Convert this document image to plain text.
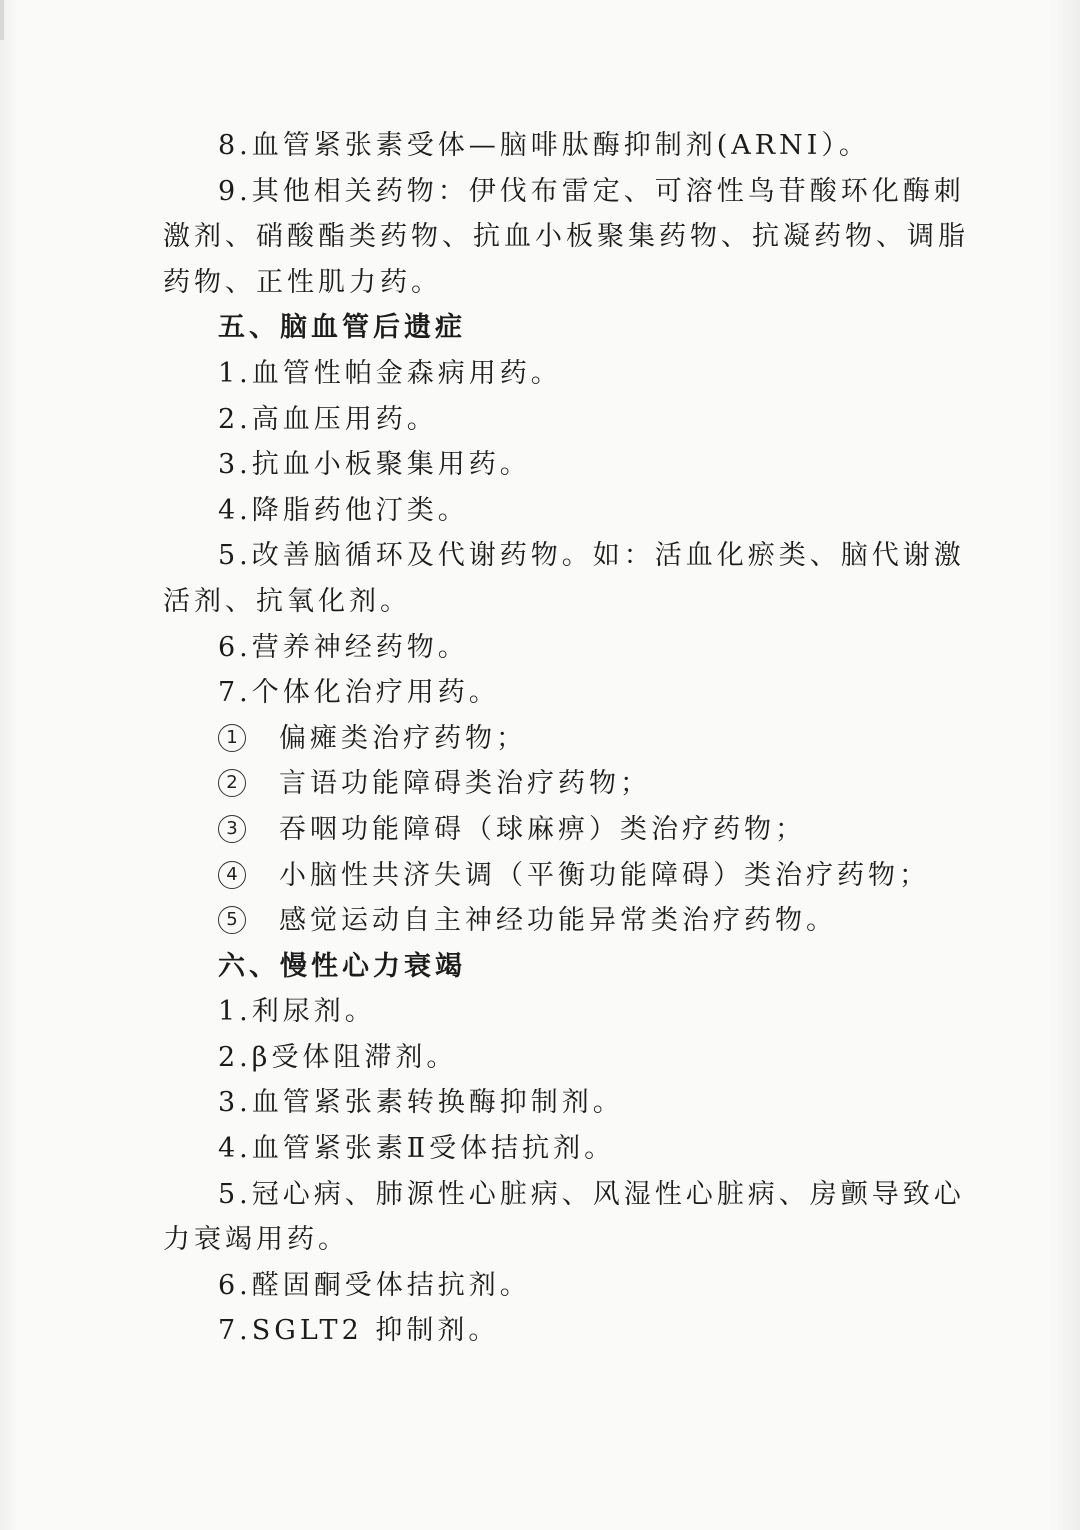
8.血管紧张素受体—脑啡肽酶抑制剂(ARNI）。
9.其他相关药物：伊伐布雷定、可溶性鸟苷酸环化酶刺
激剂、硝酸酯类药物、抗血小板聚集药物、抗凝药物、调脂
药物、正性肌力药。
五、脑血管后遗症
1.血管性帕金森病用药。
2.高血压用药。
3.抗血小板聚集用药。
4.降脂药他汀类。
5.改善脑循环及代谢药物。如：活血化瘀类、脑代谢激
活剂、抗氧化剂。
6.营养神经药物。
7.个体化治疗用药。
1	偏瘫类治疗药物；
2	言语功能障碍类治疗药物；
3	吞咽功能障碍（球麻痹）类治疗药物；
4	小脑性共济失调（平衡功能障碍）类治疗药物；
5	感觉运动自主神经功能异常类治疗药物。
六、慢性心力衰竭
1.利尿剂。
2.β受体阻滞剂。
3.血管紧张素转换酶抑制剂。
4.血管紧张素Ⅱ受体拮抗剂。
5.冠心病、肺源性心脏病、风湿性心脏病、房颤导致心
力衰竭用药。
6.醛固酮受体拮抗剂。
7.SGLT2 抑制剂。
